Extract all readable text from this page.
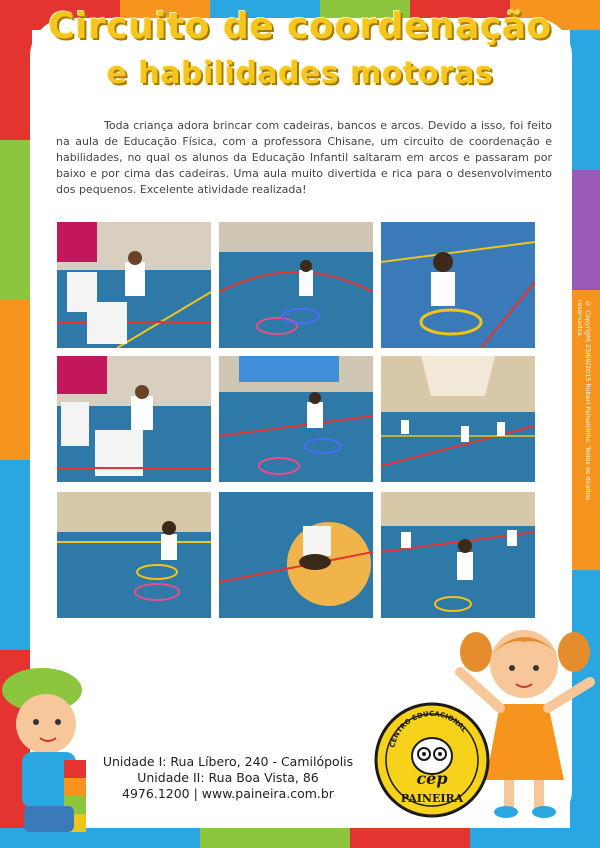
Circuito de coordenação
e habilidades motoras

Toda criança adora brincar com cadeiras, bancos e arcos. Devido a isso, foi feito na aula de Educação Física, com a professora Chisane, um circuito de coordenação e habilidades, no qual os alunos da Educação Infantil saltaram em arcos e passaram por baixo e por cima das cadeiras. Uma aula muito divertida e rica para o desenvolvimento dos pequenos. Excelente atividade realizada!

© Copyright 23/09/2015 Roberl Paineirinho. Todos os direitos reservados.
CENTRO EDUCACIONAL
cep
PAINEIRA
Unidade I: Rua Líbero, 240 - Camilópolis
Unidade II: Rua Boa Vista, 86
4976.1200 | www.paineira.com.br
